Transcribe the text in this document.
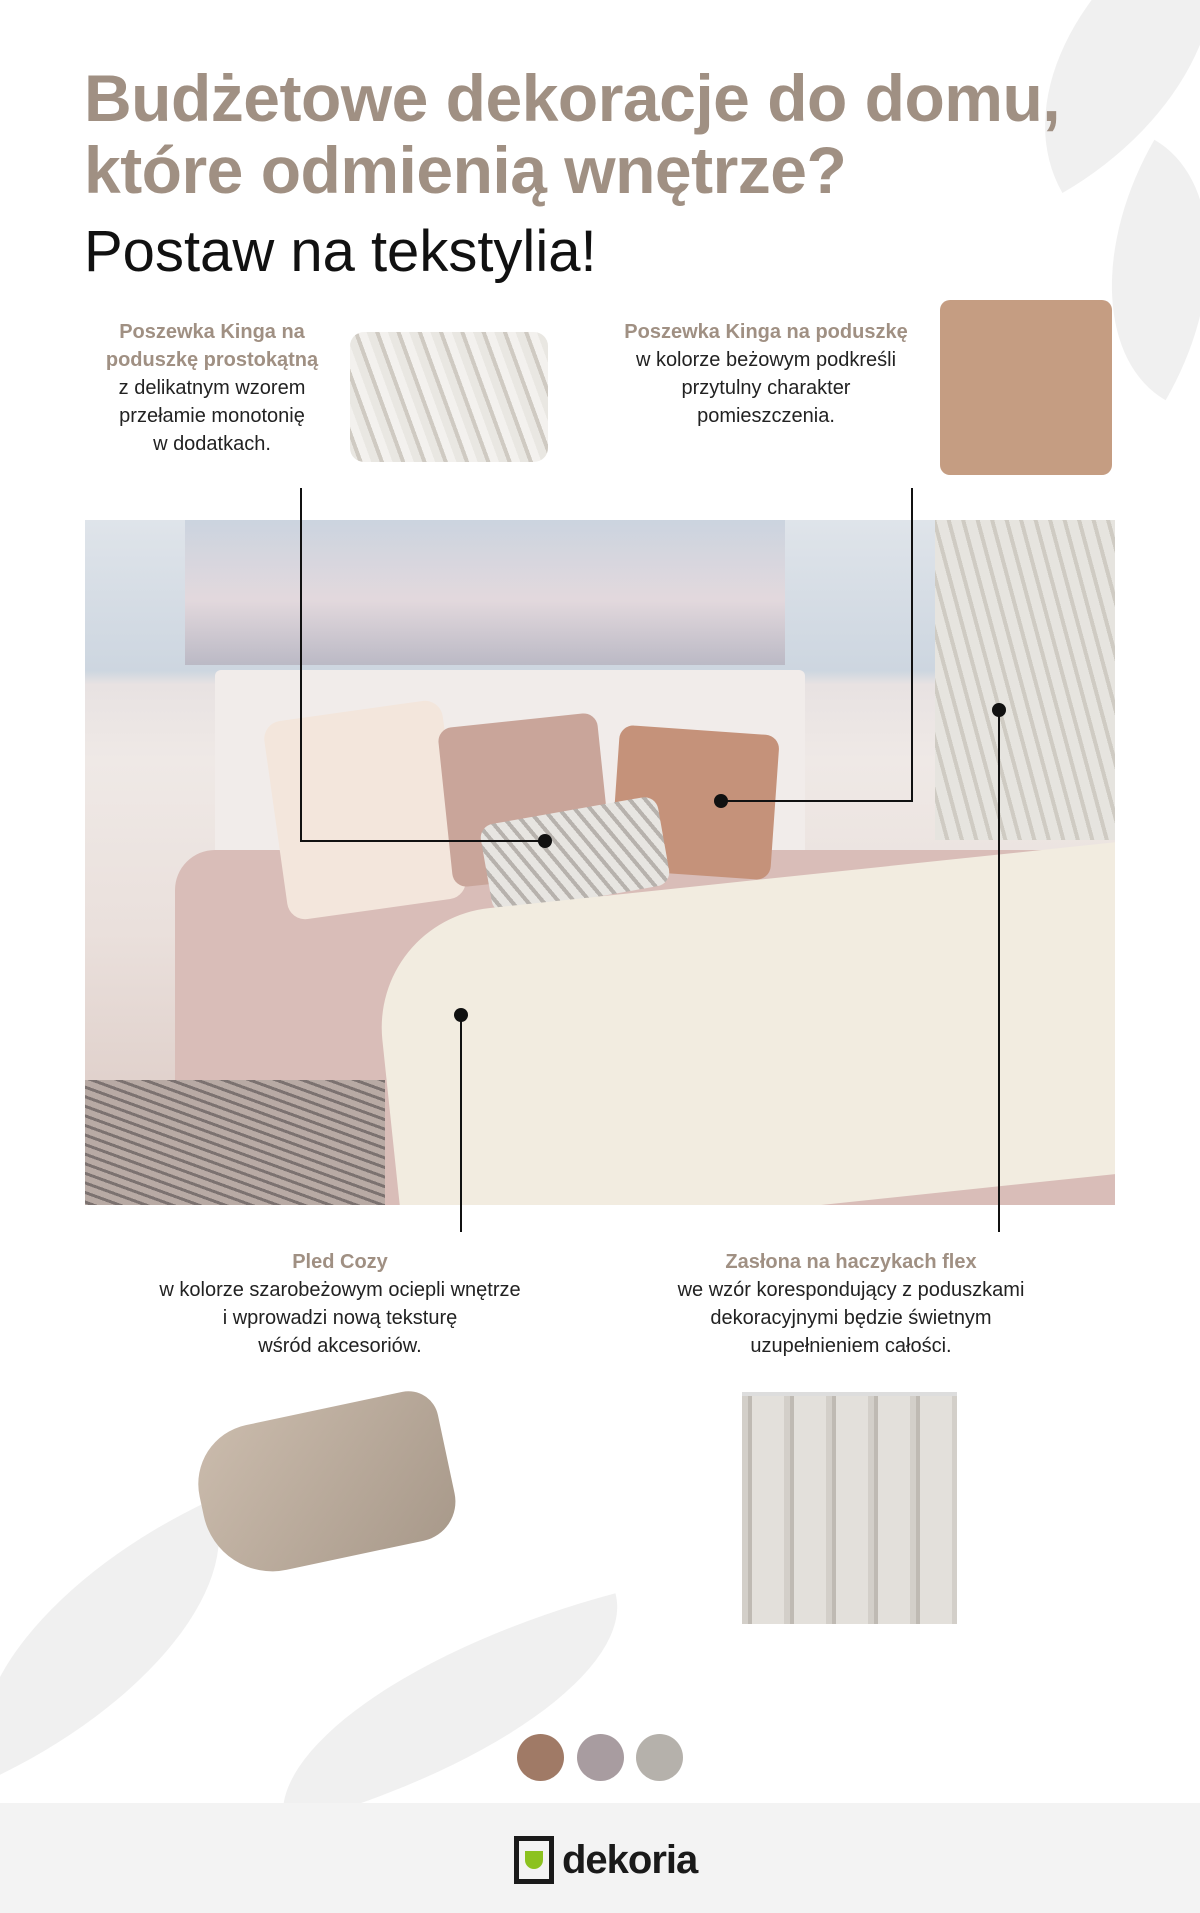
Budżetowe dekoracje do domu,
które odmienią wnętrze?
Postaw na tekstylia!
Poszewka Kinga na poduszkę prostokątną
z delikatnym wzorem
przełamie monotonię
w dodatkach.
Poszewka Kinga na poduszkę
w kolorze beżowym podkreśli
przytulny charakter
pomieszczenia.
Pled Cozy
w kolorze szarobeżowym ociepli wnętrze
i wprowadzi nową teksturę
wśród akcesoriów.
Zasłona na haczykach flex
we wzór korespondujący z poduszkami
dekoracyjnymi będzie świetnym
uzupełnieniem całości.
dekoria
